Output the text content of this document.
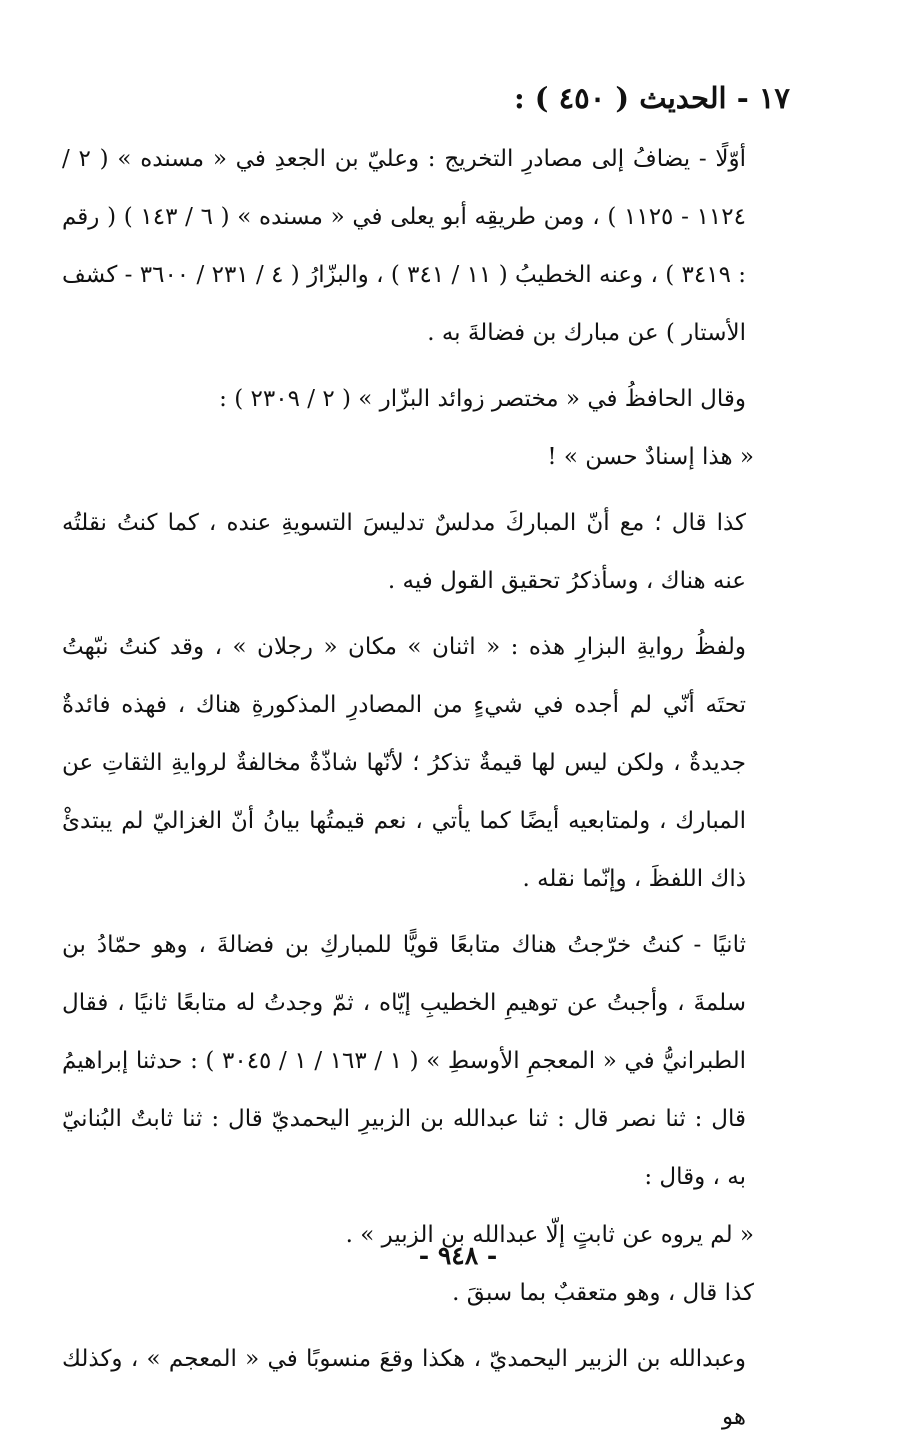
١٧ - الحديث ( ٤٥٠ ) :

أوّلًا - يضافُ إلى مصادرِ التخريج : وعليّ بن الجعدِ في « مسنده » ( ٢ / ١١٢٤ - ١١٢٥ ) ، ومن طريقِه أبو يعلى في « مسنده » ( ٦ / ١٤٣ ) ( رقم : ٣٤١٩ ) ، وعنه الخطيبُ ( ١١ / ٣٤١ ) ، والبزّارُ ( ٤ / ٢٣١ / ٣٦٠٠ - كشف الأستار ) عن مبارك بن فضالةَ به .

وقال الحافظُ في « مختصر زوائد البزّار » ( ٢ / ٢٣٠٩ ) :

« هذا إسنادٌ حسن » !

كذا قال ؛ مع أنّ المباركَ مدلسٌ تدليسَ التسويةِ عنده ، كما كنتُ نقلتُه عنه هناك ، وسأذكرُ تحقيق القول فيه .

ولفظُ روايةِ البزارِ هذه : « اثنان » مكان « رجلان » ، وقد كنتُ نبّهتُ تحتَه أنّي لم أجده في شيءٍ من المصادرِ المذكورةِ هناك ، فهذه فائدةٌ جديدةٌ ، ولكن ليس لها قيمةٌ تذكرُ ؛ لأنّها شاذّةٌ مخالفةٌ لروايةِ الثقاتِ عن المبارك ، ولمتابعيه أيضًا كما يأتي ، نعم قيمتُها بيانُ أنّ الغزاليّ لم يبتدئْ ذاك اللفظَ ، وإنّما نقله .

ثانيًا - كنتُ خرّجتُ هناك متابعًا قويًّا للمباركِ بن فضالةَ ، وهو حمّادُ بن سلمةَ ، وأجبتُ عن توهيمِ الخطيبِ إيّاه ، ثمّ وجدتُ له متابعًا ثانيًا ، فقال الطبرانيُّ في « المعجمِ الأوسطِ » ( ١ / ١٦٣ / ١ / ٣٠٤٥ ) : حدثنا إبراهيمُ قال : ثنا نصر قال : ثنا عبدالله بن الزبيرِ اليحمديّ قال : ثنا ثابتٌ البُنانيّ به ، وقال :

« لم يروه عن ثابتٍ إلّا عبدالله بن الزبير » .

كذا قال ، وهو متعقبٌ بما سبقَ .

وعبدالله بن الزبير اليحمديّ ، هكذا وقعَ منسوبًا في « المعجم » ، وكذلك هو

- ٩٤٨ -
